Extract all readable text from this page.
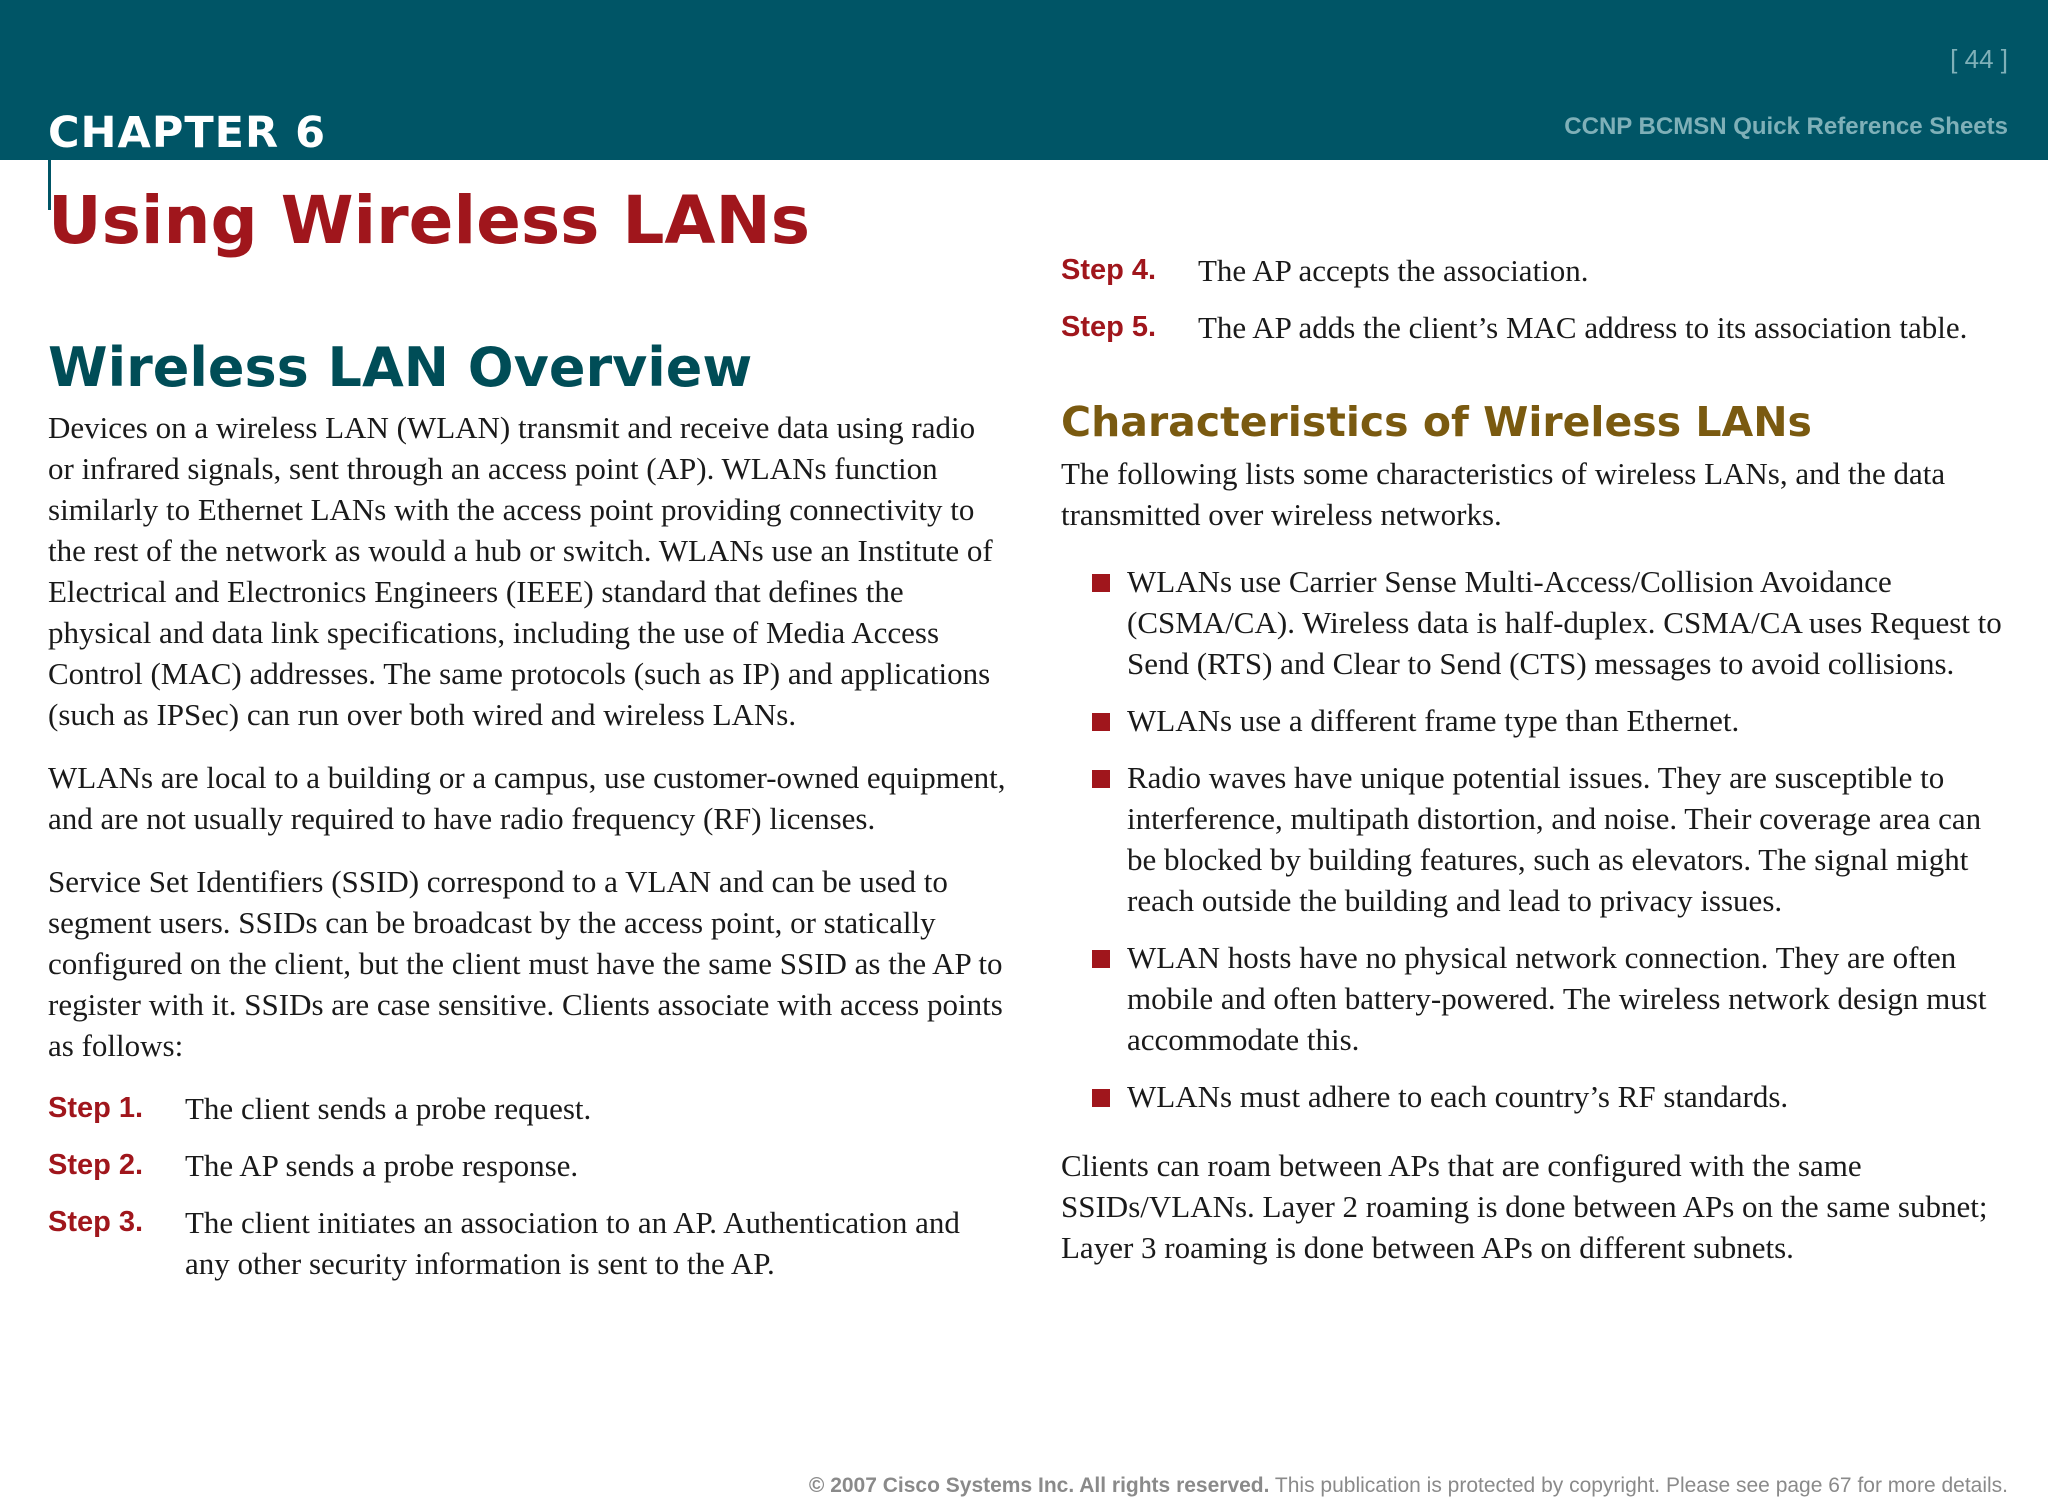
[ 44 ]
CHAPTER 6	CCNP BCMSN Quick Reference Sheets
Using Wireless LANs
Wireless LAN Overview

Devices on a wireless LAN (WLAN) transmit and receive data using radio or infrared signals, sent through an access point (AP). WLANs function similarly to Ethernet LANs with the access point providing connectivity to the rest of the network as would a hub or switch. WLANs use an Institute of Electrical and Electronics Engineers (IEEE) standard that defines the physical and data link specifications, including the use of Media Access Control (MAC) addresses. The same protocols (such as IP) and applications (such as IPSec) can run over both wired and wireless LANs.

WLANs are local to a building or a campus, use customer-owned equipment, and are not usually required to have radio frequency (RF) licenses.

Service Set Identifiers (SSID) correspond to a VLAN and can be used to segment users. SSIDs can be broadcast by the access point, or statically configured on the client, but the client must have the same SSID as the AP to register with it. SSIDs are case sensitive. Clients associate with access points as follows:

Step 1.	The client sends a probe request.
Step 2.	The AP sends a probe response.
Step 3.	The client initiates an association to an AP. Authentication and any other security information is sent to the AP.
Step 4.	The AP accepts the association.
Step 5.	The AP adds the client’s MAC address to its association table.
Characteristics of Wireless LANs

The following lists some characteristics of wireless LANs, and the data transmitted over wireless networks.

WLANs use Carrier Sense Multi-Access/Collision Avoidance (CSMA/CA). Wireless data is half-duplex. CSMA/CA uses Request to Send (RTS) and Clear to Send (CTS) messages to avoid collisions.
WLANs use a different frame type than Ethernet.
Radio waves have unique potential issues. They are susceptible to interference, multipath distortion, and noise. Their coverage area can be blocked by building features, such as elevators. The signal might reach outside the building and lead to privacy issues.
WLAN hosts have no physical network connection. They are often mobile and often battery-powered. The wireless network design must accommodate this.
WLANs must adhere to each country’s RF standards.

Clients can roam between APs that are configured with the same SSIDs/VLANs. Layer 2 roaming is done between APs on the same subnet; Layer 3 roaming is done between APs on different subnets.

© 2007 Cisco Systems Inc. All rights reserved. This publication is protected by copyright. Please see page 67 for more details.
